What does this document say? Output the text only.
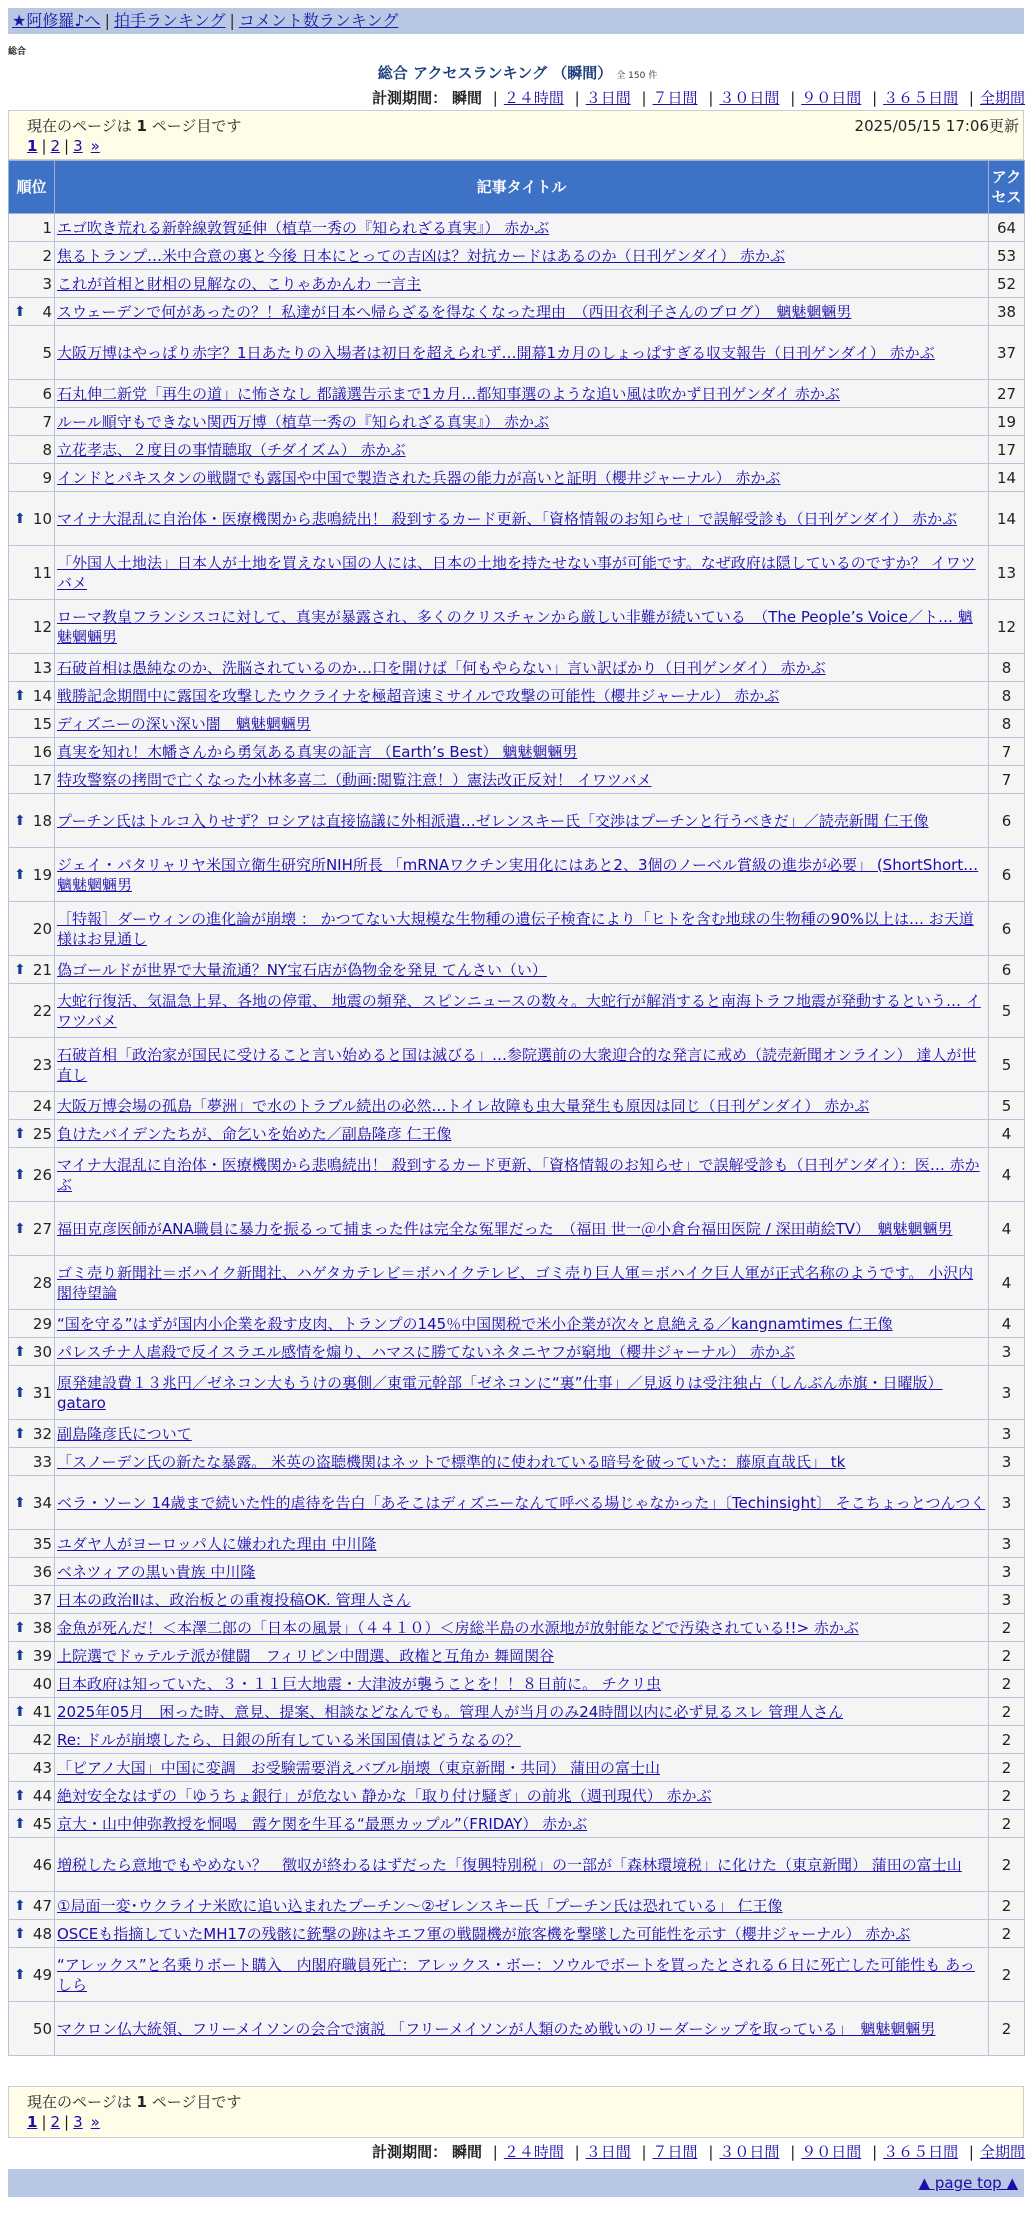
★阿修羅♪へ | 拍手ランキング | コメント数ランキング
総合
総合 アクセスランキング （瞬間） 全 150 件
計測期間： 瞬間 | ２４時間 | ３日間 | ７日間 | ３０日間 | ９０日間 | ３６５日間 | 全期間
現在のページは 1 ページ目です	2025/05/15 17:06更新
1 | 2 | 3 »
順位	記事タイトル	アクセス
1	エゴ吹き荒れる新幹線敦賀延伸（植草一秀の『知られざる真実』） 赤かぶ	64
2	焦るトランプ…米中合意の裏と今後 日本にとっての吉凶は？対抗カードはあるのか（日刊ゲンダイ） 赤かぶ	53
3	これが首相と財相の見解なの、こりゃあかんわ 一言主	52

⬆ 4	スウェーデンで何があったの？！私達が日本へ帰らざるを得なくなった理由　（西田衣利子さんのブログ）　魑魅魍魎男	38
5	大阪万博はやっぱり赤字？1日あたりの入場者は初日を超えられず…開幕1カ月のしょっぱすぎる収支報告（日刊ゲンダイ） 赤かぶ	37
6	石丸伸二新党「再生の道」に怖さなし 都議選告示まで1カ月…都知事選のような追い風は吹かず日刊ゲンダイ 赤かぶ	27
7	ルール順守もできない関西万博（植草一秀の『知られざる真実』） 赤かぶ	19
8	立花孝志、２度目の事情聴取（チダイズム） 赤かぶ	17
9	インドとパキスタンの戦闘でも露国や中国で製造された兵器の能力が高いと証明（櫻井ジャーナル） 赤かぶ	14

⬆ 10	マイナ大混乱に自治体・医療機関から悲鳴続出！ 殺到するカード更新、「資格情報のお知らせ」で誤解受診も（日刊ゲンダイ） 赤かぶ	14
11	「外国人土地法」日本人が土地を買えない国の人には、日本の土地を持たせない事が可能です。なぜ政府は隠しているのですか？ イワツバメ	13
12	ローマ教皇フランシスコに対して、真実が暴露され、多くのクリスチャンから厳しい非難が続いている　（The People’s Voice／ト… 魑魅魍魎男	12
13	石破首相は愚純なのか、洗脳されているのか…口を開けば「何もやらない」言い訳ばかり（日刊ゲンダイ） 赤かぶ	8

⬆ 14	戦勝記念期間中に露国を攻撃したウクライナを極超音速ミサイルで攻撃の可能性（櫻井ジャーナル） 赤かぶ	8
15	ディズニーの深い深い闇　魑魅魍魎男	8
16	真実を知れ！木幡さんから勇気ある真実の証言 （Earth’s Best） 魑魅魍魎男	7
17	特攻警察の拷問で亡くなった小林多喜二（動画:閲覧注意！）憲法改正反対！ イワツバメ	7

⬆ 18	プーチン氏はトルコ入りせず？ロシアは直接協議に外相派遣…ゼレンスキー氏「交渉はプーチンと行うべきだ」／読売新聞 仁王像	6

⬆ 19	ジェイ・バタリャリヤ米国立衛生研究所NIH所長 「mRNAワクチン実用化にはあと2、3個のノーベル賞級の進歩が必要」 (ShortShort… 魑魅魍魎男	6
20	［特報］ダーウィンの進化論が崩壊 ： かつてない大規模な生物種の遺伝子検査により「ヒトを含む地球の生物種の90%以上は… お天道様はお見通し	6

⬆ 21	偽ゴールドが世界で大量流通？NY宝石店が偽物金を発見 てんさい（い）	6
22	大蛇行復活、気温急上昇、各地の停電、 地震の頻発、スピンニュースの数々。大蛇行が解消すると南海トラフ地震が発動するという… イワツバメ	5
23	石破首相「政治家が国民に受けること言い始めると国は滅びる」…参院選前の大衆迎合的な発言に戒め（読売新聞オンライン） 達人が世直し	5
24	大阪万博会場の孤島「夢洲」で水のトラブル続出の必然…トイレ故障も虫大量発生も原因は同じ（日刊ゲンダイ） 赤かぶ	5

⬆ 25	負けたバイデンたちが、命乞いを始めた／副島隆彦 仁王像	4

⬆ 26	マイナ大混乱に自治体・医療機関から悲鳴続出！ 殺到するカード更新、「資格情報のお知らせ」で誤解受診も（日刊ゲンダイ）：医… 赤かぶ	4

⬆ 27	福田克彦医師がANA職員に暴力を振るって捕まった件は完全な冤罪だった　（福田 世一＠小倉台福田医院 / 深田萌絵TV）　魑魅魍魎男	4
28	ゴミ売り新聞社＝ボハイク新聞社、ハゲタカテレビ＝ボハイクテレビ、ゴミ売り巨人軍＝ボハイク巨人軍が正式名称のようです。 小沢内閣待望論	4
29	“国を守る”はずが国内小企業を殺す皮肉、トランプの145％中国関税で米小企業が次々と息絶える／kangnamtimes 仁王像	4

⬆ 30	パレスチナ人虐殺で反イスラエル感情を煽り、ハマスに勝てないネタニヤフが窮地（櫻井ジャーナル） 赤かぶ	3

⬆ 31	原発建設費１３兆円／ゼネコン大もうけの裏側／東電元幹部「ゼネコンに“裏”仕事」／見返りは受注独占（しんぶん赤旗・日曜版） gataro	3

⬆ 32	副島隆彦氏について	3
33	「スノーデン氏の新たな暴露。 米英の盗聴機関はネットで標準的に使われている暗号を破っていた：藤原直哉氏」 tk	3

⬆ 34	ベラ・ソーン 14歳まで続いた性的虐待を告白「あそこはディズニーなんて呼べる場じゃなかった」〔Techinsight〕 そこちょっとつんつく	3
35	ユダヤ人がヨーロッパ人に嫌われた理由 中川隆	3
36	ベネツィアの黒い貴族 中川隆	3
37	日本の政治Ⅱは、政治板との重複投稿OK. 管理人さん	3

⬆ 38	金魚が死んだ！＜本澤二郎の「日本の風景」（４４１０）＜房総半島の水源地が放射能などで汚染されている!!> 赤かぶ	2

⬆ 39	上院選でドゥテルテ派が健闘　フィリピン中間選、政権と互角か 舞岡関谷	2
40	日本政府は知っていた、３・１１巨大地震・大津波が襲うことを！！８日前に。 チクリ虫	2

⬆ 41	2025年05月　困った時、意見、提案、相談などなんでも。管理人が当月のみ24時間以内に必ず見るスレ 管理人さん	2
42	Re: ドルが崩壊したら、日銀の所有している米国国債はどうなるの？	2
43	「ピアノ大国」中国に変調　お受験需要消えバブル崩壊（東京新聞・共同） 蒲田の富士山	2

⬆ 44	絶対安全なはずの「ゆうちょ銀行」が危ない 静かな「取り付け騒ぎ」の前兆（週刊現代） 赤かぶ	2

⬆ 45	京大・山中伸弥教授を恫喝　霞ケ関を牛耳る“最悪カップル”（FRIDAY） 赤かぶ	2
46	増税したら意地でもやめない？　徴収が終わるはずだった「復興特別税」の一部が「森林環境税」に化けた（東京新聞） 蒲田の富士山	2

⬆ 47	①局面一変･ウクライナ米欧に追い込まれたプーチン～②ゼレンスキー氏「プーチン氏は恐れている」 仁王像	2

⬆ 48	OSCEも指摘していたMH17の残骸に銃撃の跡はキエフ軍の戦闘機が旅客機を撃墜した可能性を示す（櫻井ジャーナル） 赤かぶ	2

⬆ 49	“アレックス”と名乗りボート購入　内閣府職員死亡：アレックス・ボー：ソウルでボートを買ったとされる６日に死亡した可能性も あっしら	2
50	マクロン仏大統領、フリーメイソンの会合で演説 「フリーメイソンが人類のため戦いのリーダーシップを取っている」　魑魅魍魎男	2
現在のページは 1 ページ目です
1 | 2 | 3 »
計測期間： 瞬間 | ２４時間 | ３日間 | ７日間 | ３０日間 | ９０日間 | ３６５日間 | 全期間
▲ page top ▲
